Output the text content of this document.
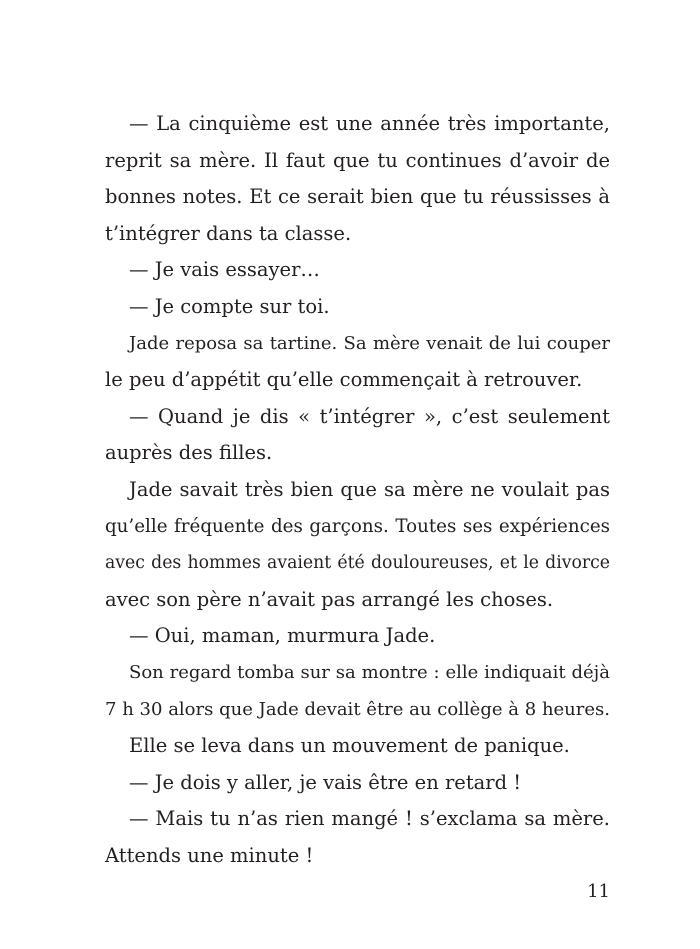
— La cinquième est une année très importante,
reprit sa mère. Il faut que tu continues d’avoir de
bonnes notes. Et ce serait bien que tu réussisses à
t’intégrer dans ta classe.
— Je vais essayer…
— Je compte sur toi.
Jade reposa sa tartine. Sa mère venait de lui couper
le peu d’appétit qu’elle commençait à retrouver.
— Quand je dis « t’intégrer », c’est seulement
auprès des filles.
Jade savait très bien que sa mère ne voulait pas
qu’elle fréquente des garçons. Toutes ses expériences
avec des hommes avaient été douloureuses, et le divorce
avec son père n’avait pas arrangé les choses.
— Oui, maman, murmura Jade.
Son regard tomba sur sa montre : elle indiquait déjà
7 h 30 alors que Jade devait être au collège à 8 heures.
Elle se leva dans un mouvement de panique.
— Je dois y aller, je vais être en retard !
— Mais tu n’as rien mangé ! s’exclama sa mère.
Attends une minute !
11
